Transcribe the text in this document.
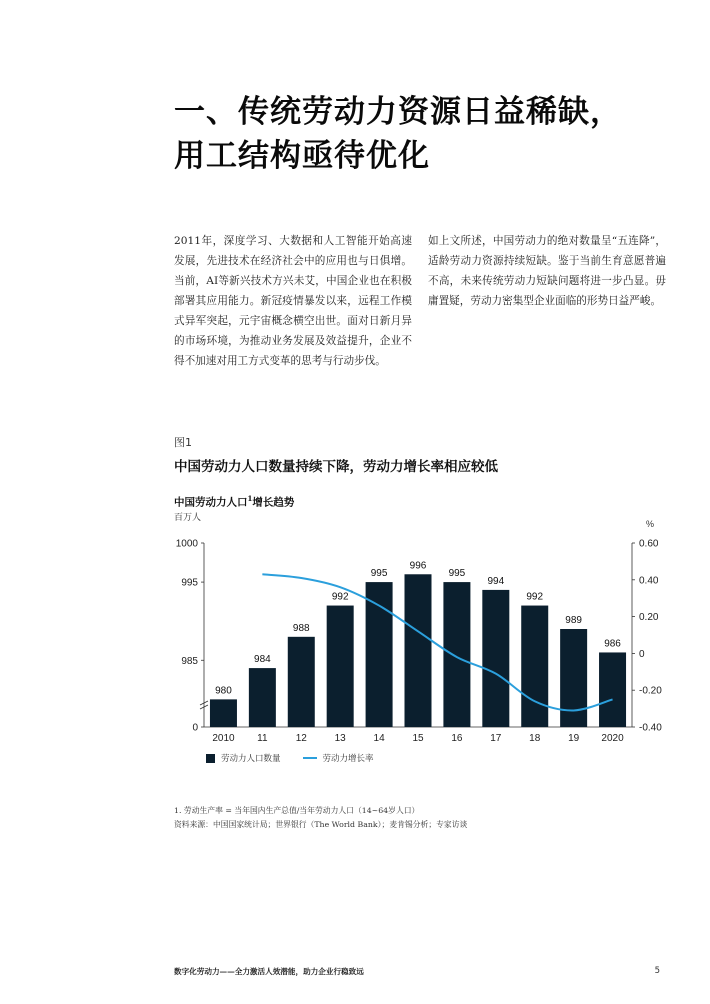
一、传统劳动力资源日益稀缺，
用工结构亟待优化
2011年，深度学习、大数据和人工智能开始高速发展，先进技术在经济社会中的应用也与日俱增。当前，AI等新兴技术方兴未艾，中国企业也在积极部署其应用能力。新冠疫情暴发以来，远程工作模式异军突起，元宇宙概念横空出世。面对日新月异的市场环境，为推动业务发展及效益提升，企业不得不加速对用工方式变革的思考与行动步伐。
如上文所述，中国劳动力的绝对数量呈“五连降”，适龄劳动力资源持续短缺。鉴于当前生育意愿普遍不高，未来传统劳动力短缺问题将进一步凸显。毋庸置疑，劳动力密集型企业面临的形势日益严峻。
图1
中国劳动力人口数量持续下降，劳动力增长率相应较低
中国劳动力人口$^1$增长趋势
百万人
1000
995
985
0
0.60
0.40
0.20
0
-0.20
-0.40
%
980
2010
984
11
988
12
992
13
995
14
996
15
995
16
994
17
992
18
989
19
986
2020
劳动力人口数量	劳动力增长率
1. 劳动生产率 = 当年国内生产总值/当年劳动力人口（14~64岁人口）
资料来源：中国国家统计局；世界银行（The World Bank）；麦肯锡分析；专家访谈
数字化劳动力——全力激活人效潜能，助力企业行稳致远	5
